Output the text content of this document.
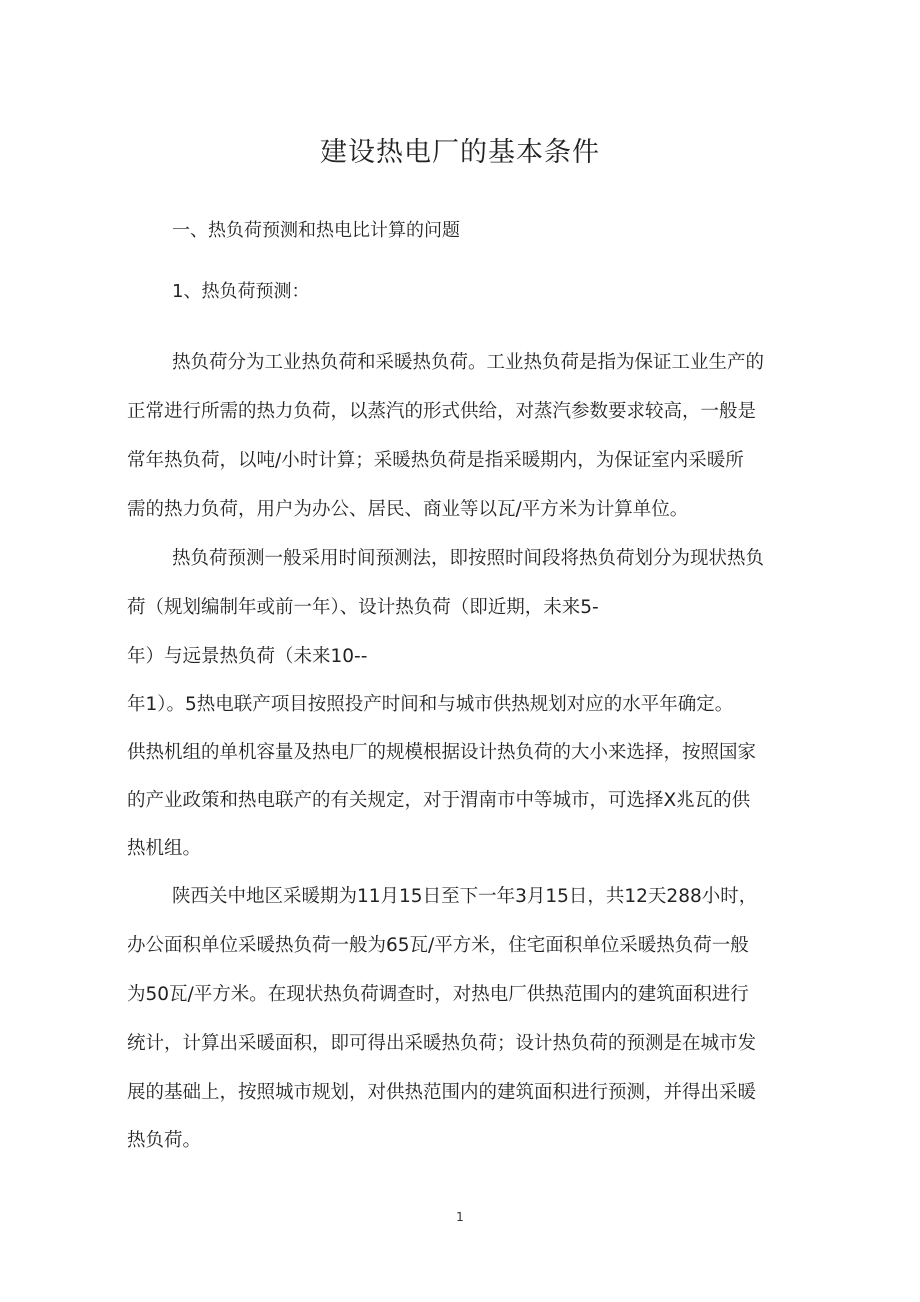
建设热电厂的基本条件
一、热负荷预测和热电比计算的问题
1、热负荷预测：
热负荷分为工业热负荷和采暖热负荷。工业热负荷是指为保证工业生产的
正常进行所需的热力负荷，以蒸汽的形式供给，对蒸汽参数要求较高，一般是
常年热负荷，以吨/小时计算；采暖热负荷是指采暖期内，为保证室内采暖所
需的热力负荷，用户为办公、居民、商业等以瓦/平方米为计算单位。
热负荷预测一般采用时间预测法，即按照时间段将热负荷划分为现状热负
荷（规划编制年或前一年）、设计热负荷（即近期，未来5-
年）与远景热负荷（未来10--
年1）。5热电联产项目按照投产时间和与城市供热规划对应的水平年确定。
供热机组的单机容量及热电厂的规模根据设计热负荷的大小来选择，按照国家
的产业政策和热电联产的有关规定，对于渭南市中等城市，可选择X兆瓦的供
热机组。
陕西关中地区采暖期为11月15日至下一年3月15日，共12天288小时，
办公面积单位采暖热负荷一般为65瓦/平方米，住宅面积单位采暖热负荷一般
为50瓦/平方米。在现状热负荷调查时，对热电厂供热范围内的建筑面积进行
统计，计算出采暖面积，即可得出采暖热负荷；设计热负荷的预测是在城市发
展的基础上，按照城市规划，对供热范围内的建筑面积进行预测，并得出采暖
热负荷。
1
